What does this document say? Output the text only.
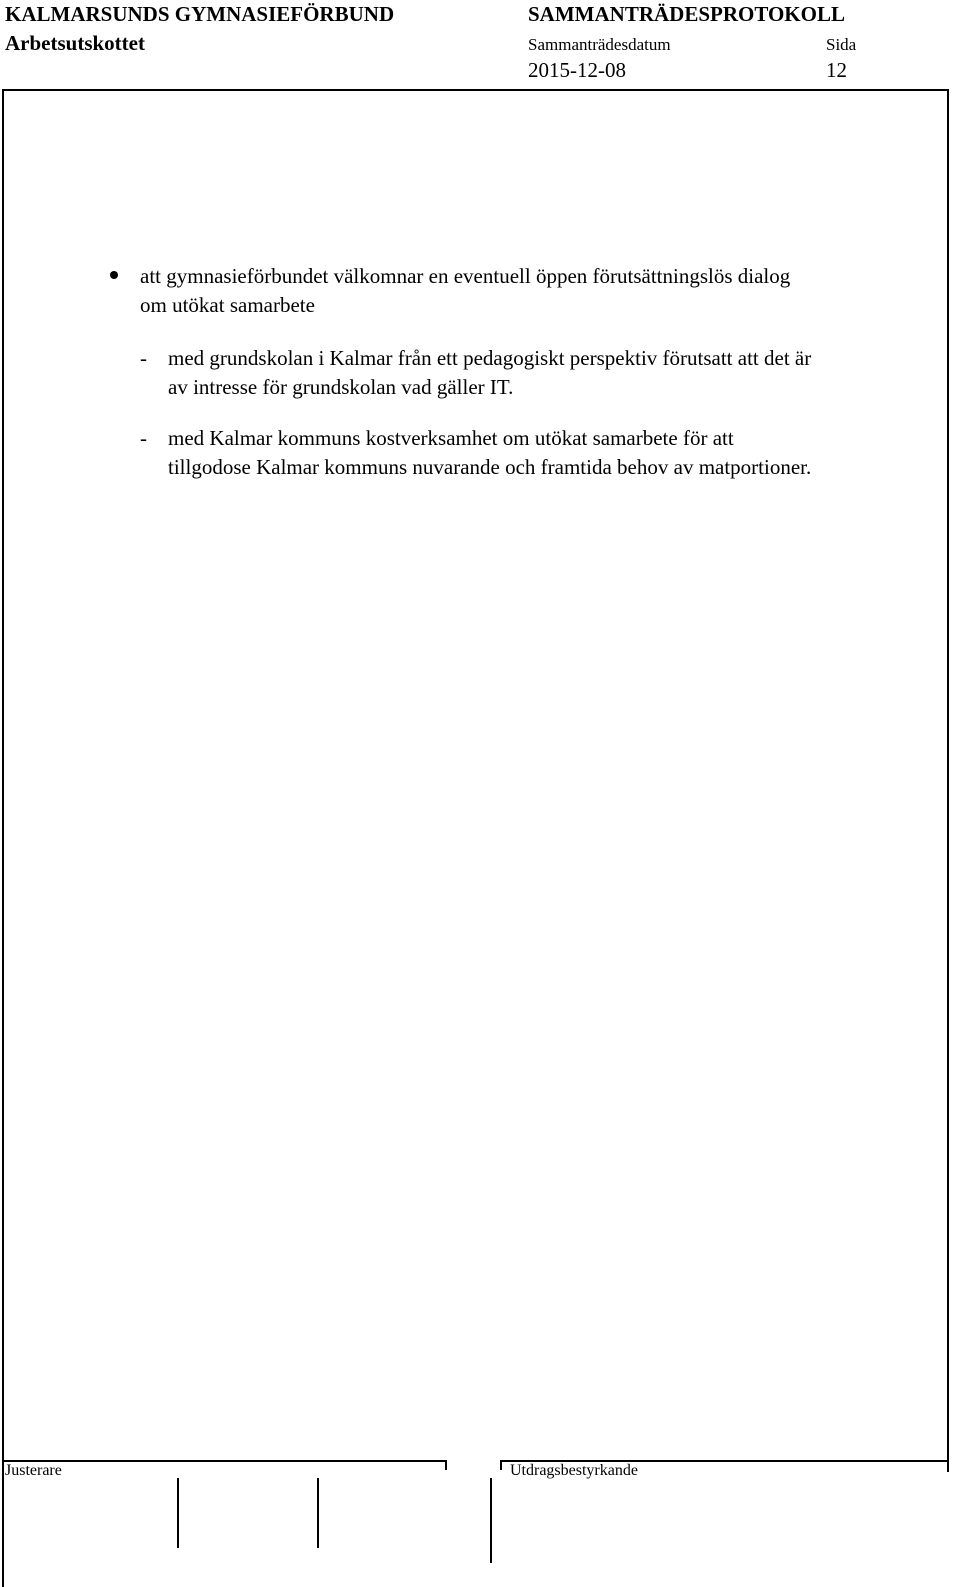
KALMARSUNDS GYMNASIEFÖRBUND
Arbetsutskottet
SAMMANTRÄDESPROTOKOLL
Sammanträdesdatum	Sida
2015-12-08	12
att gymnasieförbundet välkomnar en eventuell öppen förutsättningslös dialog
om utökat samarbete
- med grundskolan i Kalmar från ett pedagogiskt perspektiv förutsatt att det är
av intresse för grundskolan vad gäller IT.
- med Kalmar kommuns kostverksamhet om utökat samarbete för att
tillgodose Kalmar kommuns nuvarande och framtida behov av matportioner.
Justerare	Utdragsbestyrkande
